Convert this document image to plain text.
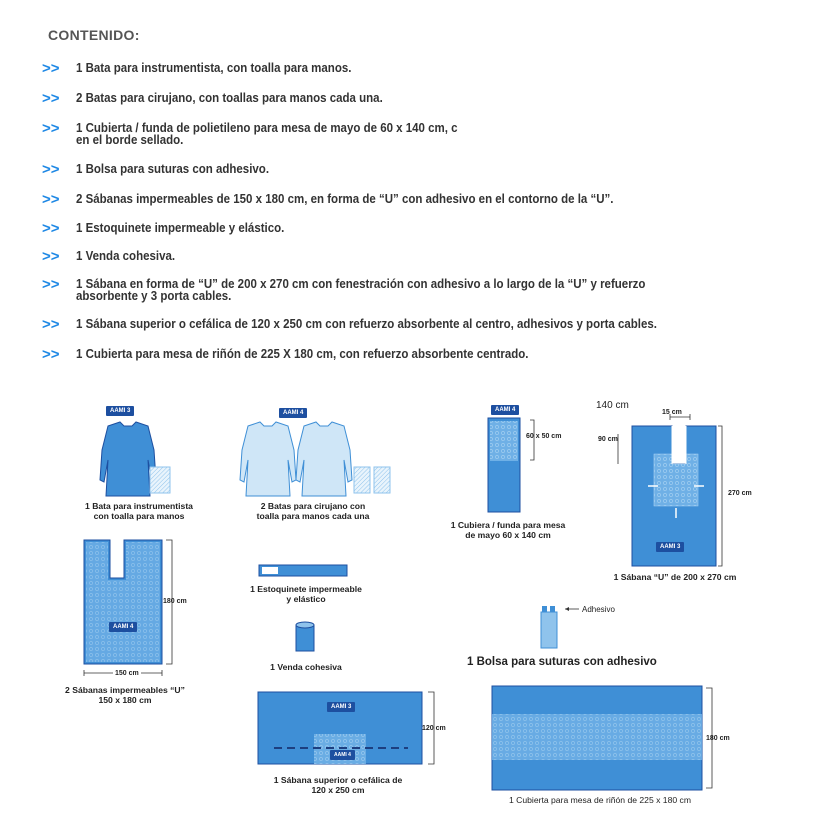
CONTENIDO:
>>	1 Bata para instrumentista, con toalla para manos.
>>	2 Batas para cirujano, con toallas para manos cada una.
>>	1 Cubierta / funda de polietileno para mesa de mayo de 60 x 140 cm, c
en el borde sellado.
>>	1 Bolsa para suturas con adhesivo.
>>	2 Sábanas impermeables de 150 x 180 cm, en forma de “U” con adhesivo en el contorno de la “U”.
>>	1 Estoquinete impermeable y elástico.
>>	1 Venda cohesiva.
>>	1 Sábana en forma de “U” de 200 x 270 cm con fenestración con adhesivo a lo largo de la “U” y refuerzo
absorbente y 3 porta cables.
>>	1 Sábana superior o cefálica de 120 x 250 cm con refuerzo absorbente al centro, adhesivos y porta cables.
>>	1 Cubierta para mesa de riñón de 225 X 180 cm, con refuerzo absorbente centrado.
AAMI 3
1 Bata para instrumentista
con toalla para manos
AAMI 4
2 Batas para cirujano con
toalla para manos cada una
AAMI 4
60 x 50 cm
1 Cubiera / funda para mesa
de mayo 60 x 140 cm
140 cm
15 cm
90 cm
270 cm
AAMI 3
1 Sábana “U” de 200 x 270 cm
AAMI 4
180 cm
150 cm
2 Sábanas impermeables “U”
150 x 180 cm
1 Estoquinete impermeable
y elástico
1 Venda cohesiva
Adhesivo
1 Bolsa para suturas con adhesivo
AAMI 3
AAMI 4
120 cm
1 Sábana superior o cefálica de
120 x 250 cm
180 cm
1 Cubierta para mesa de riñón de 225 x 180 cm
